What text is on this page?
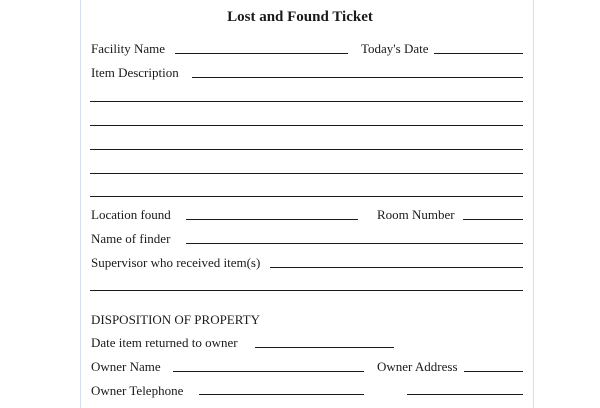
Lost and Found Ticket
Facility Name	Today's Date
Item Description
Location found	Room Number
Name of finder
Supervisor who received item(s)
DISPOSITION OF PROPERTY
Date item returned to owner
Owner Name	Owner Address
Owner Telephone
